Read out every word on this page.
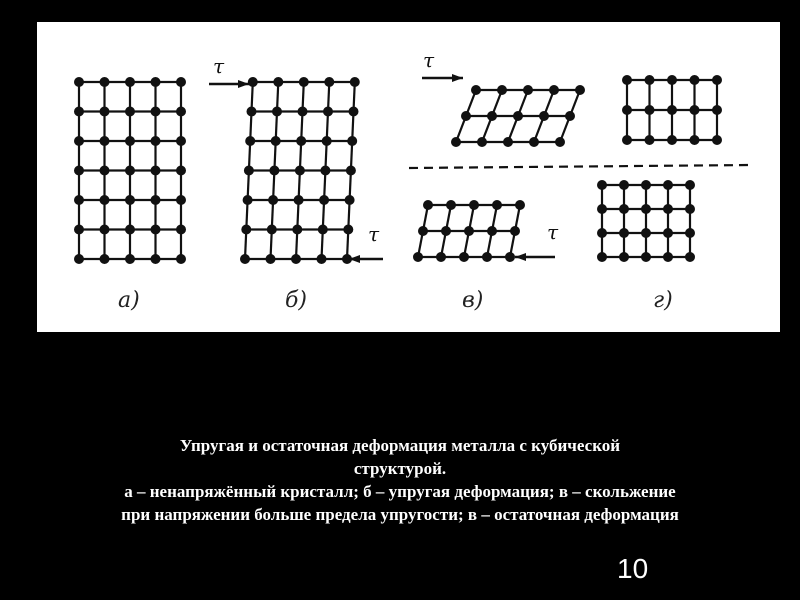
а)
τ
τ
б)
τ
τ
в)	г)
Упругая и остаточная деформация металла с кубической
структурой.
а – ненапряжённый кристалл; б – упругая деформация; в – скольжение
при напряжении больше предела упругости; в – остаточная деформация
10
